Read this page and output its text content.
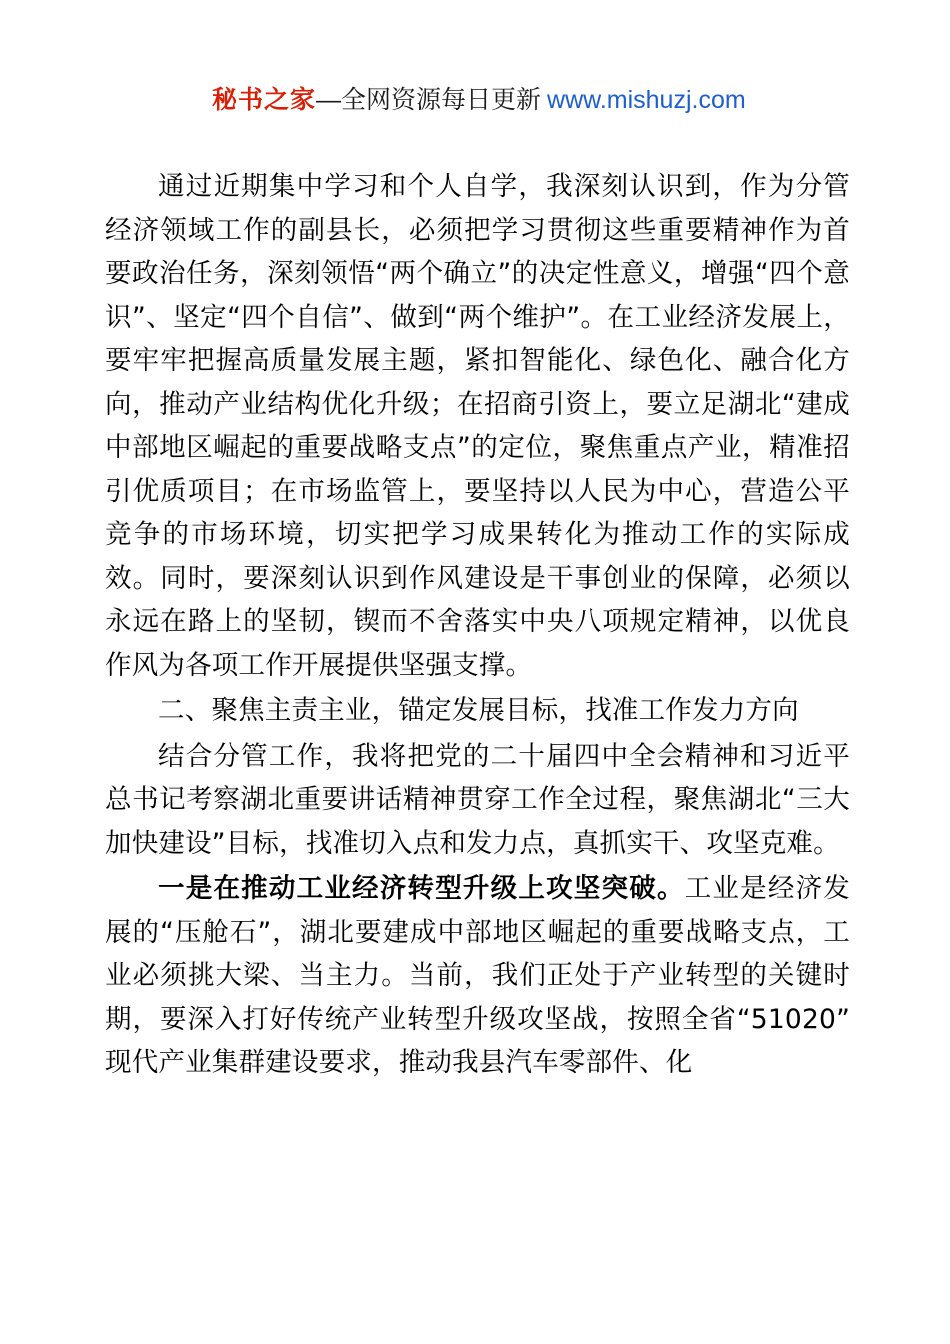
秘书之家—全网资源每日更新 www.mishuzj.com

通过近期集中学习和个人自学，我深刻认识到，作为分管经济领域工作的副县长，必须把学习贯彻这些重要精神作为首要政治任务，深刻领悟“两个确立”的决定性意义，增强“四个意识”、坚定“四个自信”、做到“两个维护”。在工业经济发展上，要牢牢把握高质量发展主题，紧扣智能化、绿色化、融合化方向，推动产业结构优化升级；在招商引资上，要立足湖北“建成中部地区崛起的重要战略支点”的定位，聚焦重点产业，精准招引优质项目；在市场监管上，要坚持以人民为中心，营造公平竞争的市场环境，切实把学习成果转化为推动工作的实际成效。同时，要深刻认识到作风建设是干事创业的保障，必须以永远在路上的坚韧，锲而不舍落实中央八项规定精神，以优良作风为各项工作开展提供坚强支撑。

二、聚焦主责主业，锚定发展目标，找准工作发力方向

结合分管工作，我将把党的二十届四中全会精神和习近平总书记考察湖北重要讲话精神贯穿工作全过程，聚焦湖北“三大加快建设”目标，找准切入点和发力点，真抓实干、攻坚克难。

一是在推动工业经济转型升级上攻坚突破。工业是经济发展的“压舱石”，湖北要建成中部地区崛起的重要战略支点，工业必须挑大梁、当主力。当前，我们正处于产业转型的关键时期，要深入打好传统产业转型升级攻坚战，按照全省“51020”现代产业集群建设要求，推动我县汽车零部件、化
